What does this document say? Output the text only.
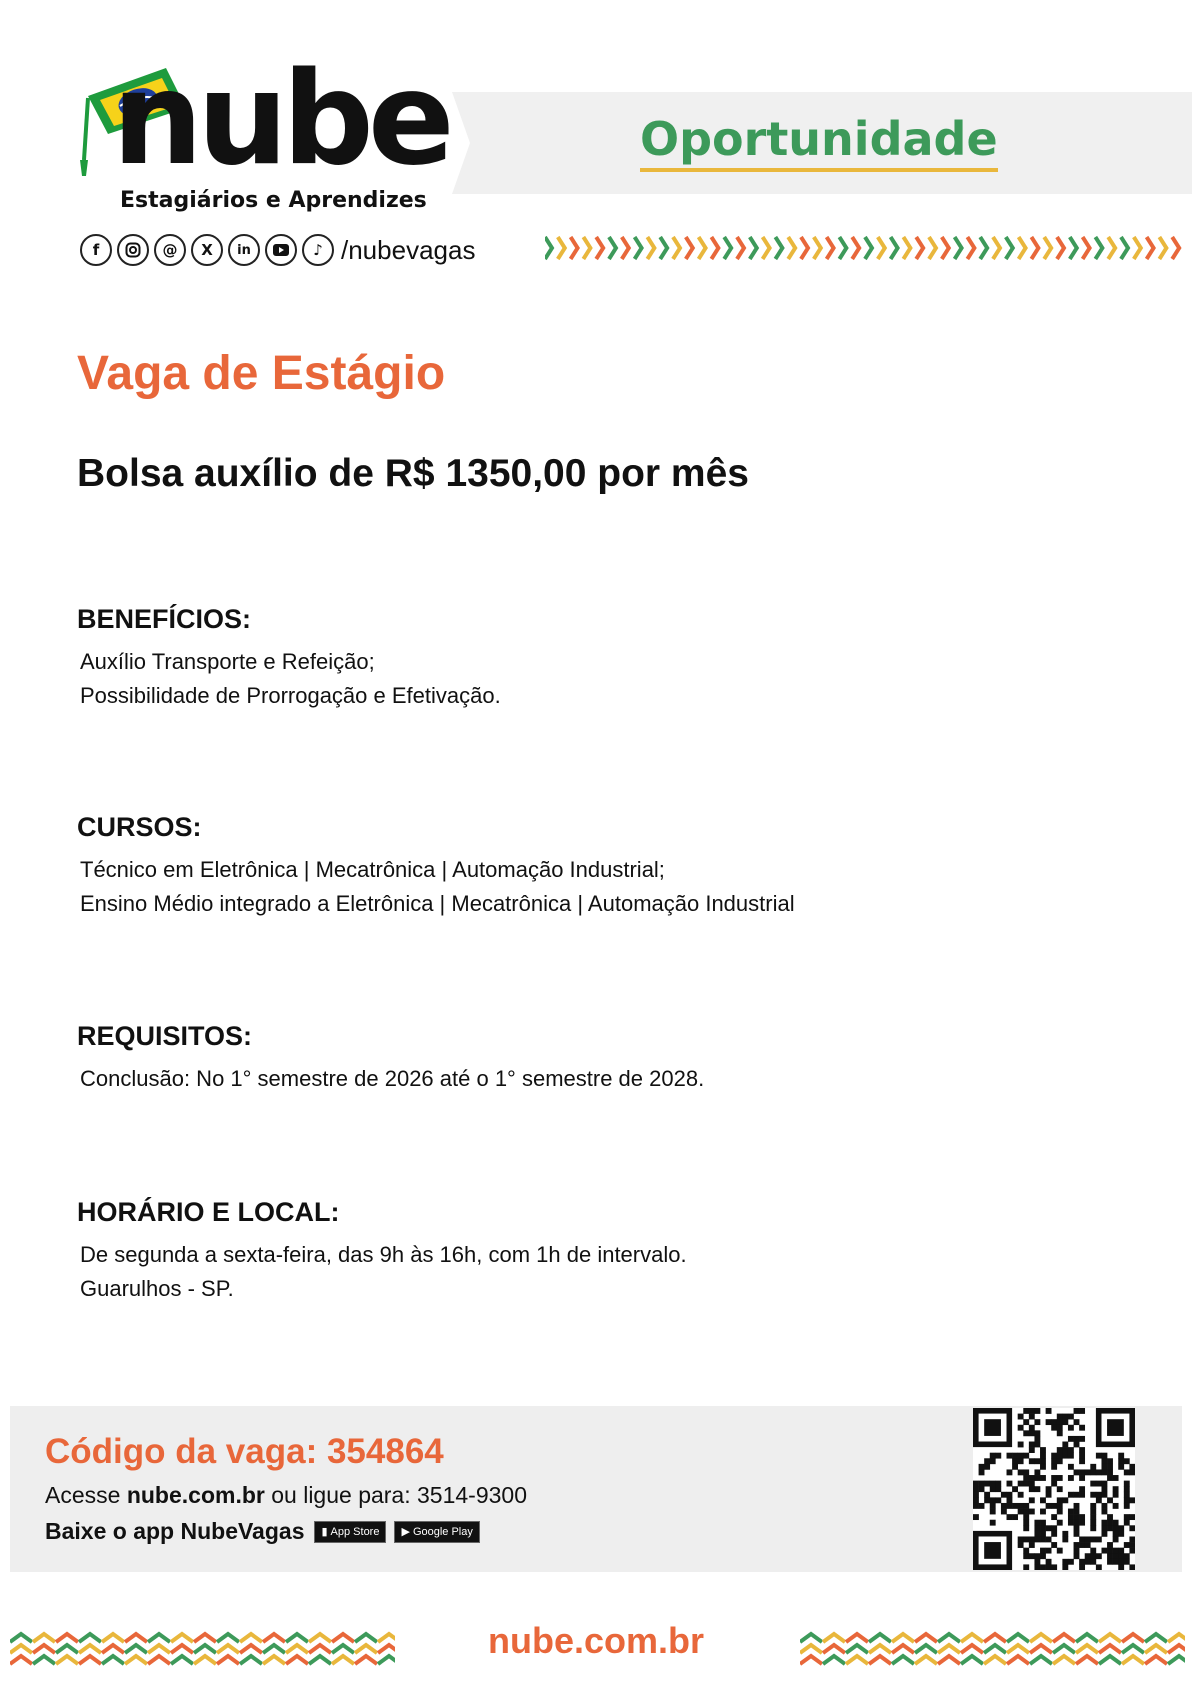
nube
Estagiários e Aprendizes
Oportunidade
f	@	X	in	♪ /nubevagas
Vaga de Estágio
Bolsa auxílio de R$ 1350,00 por mês
BENEFÍCIOS:
Auxílio Transporte e Refeição;
Possibilidade de Prorrogação e Efetivação.
CURSOS:
Técnico em Eletrônica | Mecatrônica | Automação Industrial;
Ensino Médio integrado a Eletrônica | Mecatrônica | Automação Industrial
REQUISITOS:
Conclusão: No 1° semestre de 2026 até o 1° semestre de 2028.
HORÁRIO E LOCAL:
De segunda a sexta-feira, das 9h às 16h, com 1h de intervalo.
Guarulhos - SP.
Código da vaga: 354864
Acesse nube.com.br ou ligue para: 3514-9300
Baixe o app NubeVagas ▮ App Store ▶ Google Play
nube.com.br
